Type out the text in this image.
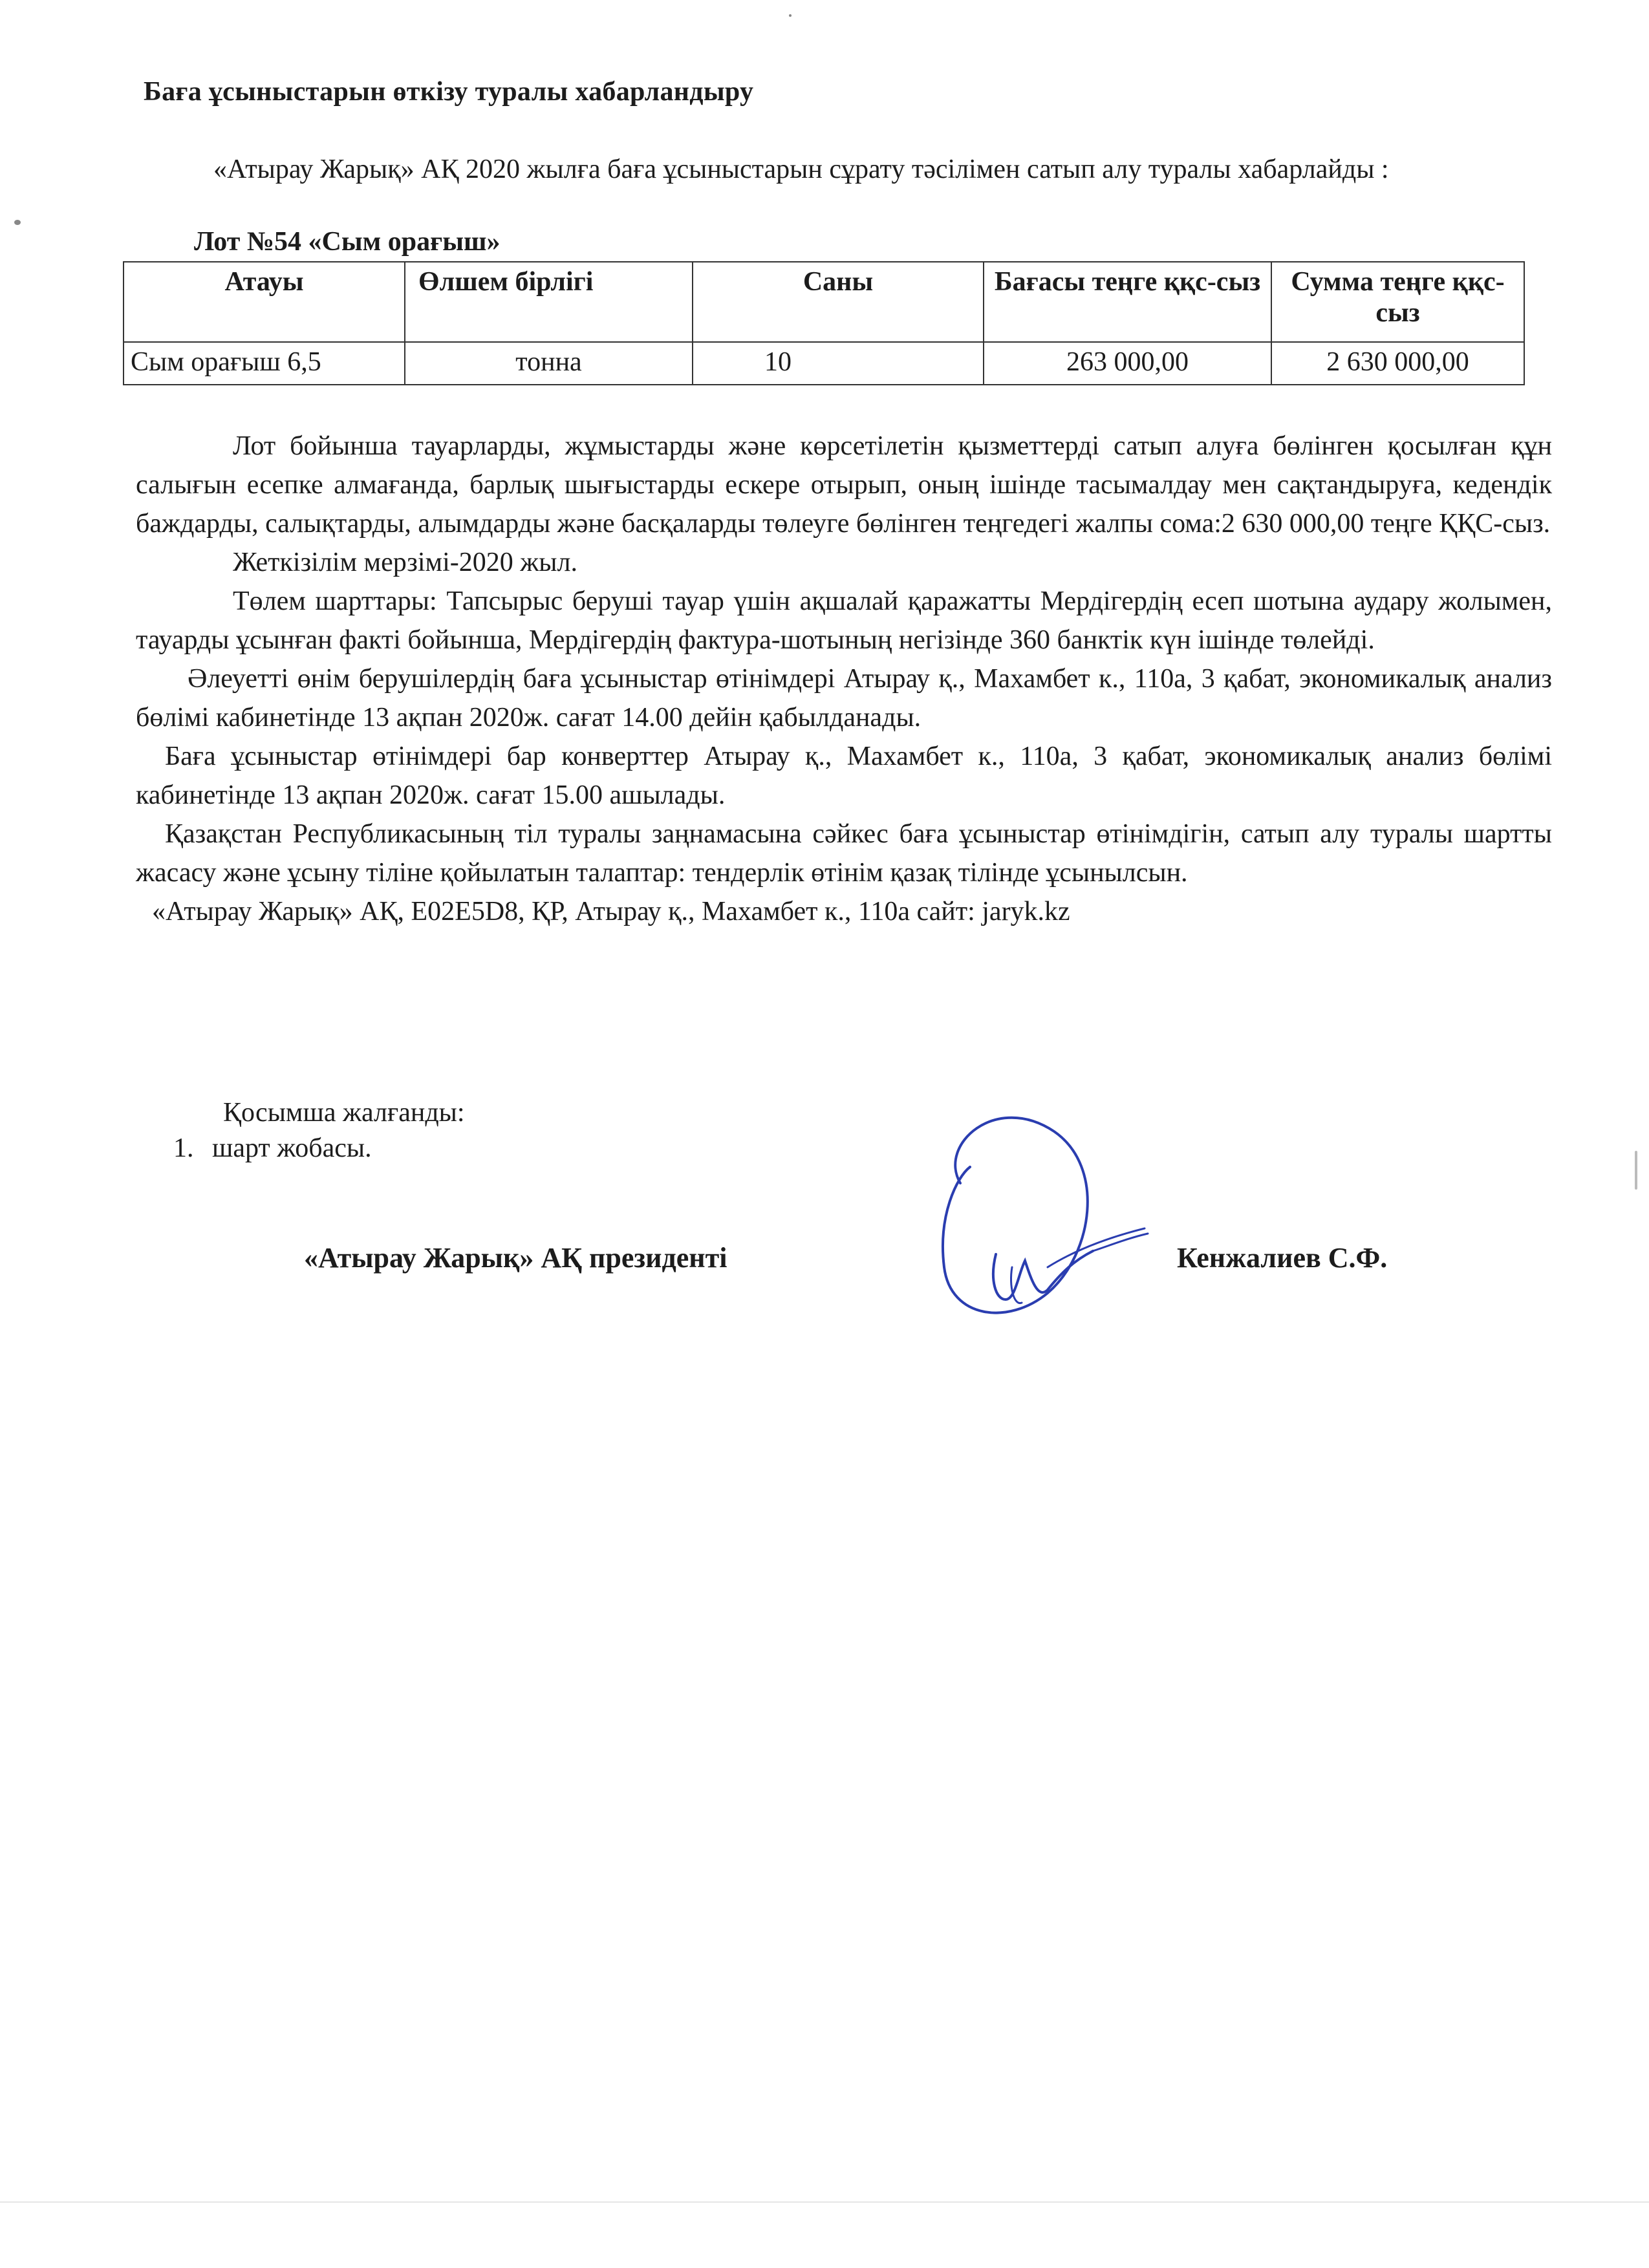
Баға ұсыныстарын өткізу туралы хабарландыру
«Атырау Жарық» АҚ 2020 жылға баға ұсыныстарын сұрату тәсілімен сатып алу туралы хабарлайды :
Лот №54 «Сым орағыш»
Атауы	Өлшем бірлігі	Саны	Бағасы теңге ққс-сыз	Сумма теңге ққс-сыз
Сым орағыш 6,5	тонна	10	263 000,00	2 630 000,00

Лот бойынша тауарларды, жұмыстарды және көрсетілетін қызметтерді сатып алуға бөлінген қосылған құн салығын есепке алмағанда, барлық шығыстарды ескере отырып, оның ішінде тасымалдау мен сақтандыруға, кедендік баждарды, салықтарды, алымдарды және басқаларды төлеуге бөлінген теңгедегі жалпы сома:2 630 000,00 теңге ҚҚС-сыз.

Жеткізілім мерзімі-2020 жыл.

Төлем шарттары: Тапсырыс беруші тауар үшін ақшалай қаражатты Мердігердің есеп шотына аудару жолымен, тауарды ұсынған факті бойынша, Мердігердің фактура-шотының негізінде 360 банктік күн ішінде төлейді.

Әлеуетті өнім берушілердің баға ұсыныстар өтінімдері Атырау қ., Махамбет к., 110а, 3 қабат, экономикалық анализ бөлімі кабинетінде 13 ақпан 2020ж. сағат 14.00 дейін қабылданады.

Баға ұсыныстар өтінімдері бар конверттер Атырау қ., Махамбет к., 110а, 3 қабат, экономикалық анализ бөлімі кабинетінде 13 ақпан 2020ж. сағат 15.00 ашылады.

Қазақстан Республикасының тіл туралы заңнамасына сәйкес баға ұсыныстар өтінімдігін, сатып алу туралы шартты жасасу және ұсыну тіліне қойылатын талаптар: тендерлік өтінім қазақ тілінде ұсынылсын.

«Атырау Жарық» АҚ, Е02Е5D8, ҚР, Атырау қ., Махамбет к., 110а сайт: jaryk.kz

Қосымша жалғанды:
1. шарт жобасы.
«Атырау Жарық» АҚ президенті	Кенжалиев С.Ф.
